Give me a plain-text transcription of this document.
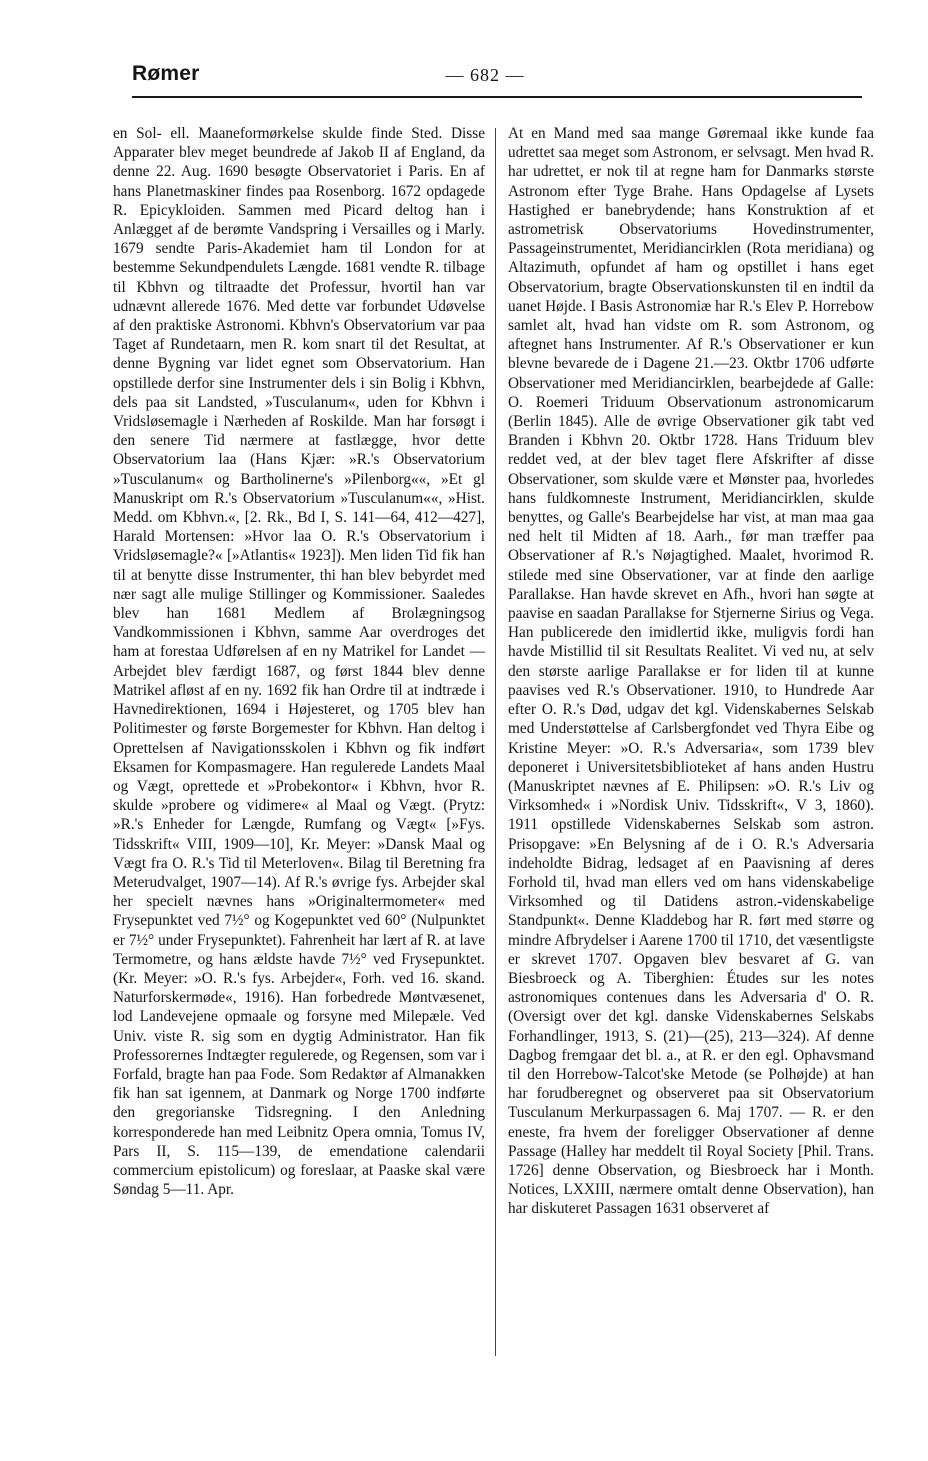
Rømer	— 682 —

en Sol- ell. Maaneformørkelse skulde finde Sted. Disse Apparater blev meget beundrede af Jakob II af England, da denne 22. Aug. 1690 besøgte Observatoriet i Paris. En af hans Planetmaskiner findes paa Rosenborg. 1672 opdagede R. Epicykloiden. Sammen med Picard deltog han i Anlægget af de berømte Vandspring i Versailles og i Marly. 1679 sendte Paris-Akademiet ham til London for at bestemme Sekundpendulets Længde. 1681 vendte R. tilbage til Kbhvn og tiltraadte det Professur, hvortil han var udnævnt allerede 1676. Med dette var forbundet Udøvelse af den praktiske Astronomi. Kbhvn's Observatorium var paa Taget af Rundetaarn, men R. kom snart til det Resultat, at denne Bygning var lidet egnet som Observatorium. Han opstillede derfor sine Instrumenter dels i sin Bolig i Kbhvn, dels paa sit Landsted, »Tusculanum«, uden for Kbhvn i Vridsløsemagle i Nærheden af Roskilde. Man har forsøgt i den senere Tid nærmere at fastlægge, hvor dette Observatorium laa (Hans Kjær: »R.'s Observatorium »Tusculanum« og Bartholinerne's »Pilenborg««, »Et gl Manuskript om R.'s Observatorium »Tusculanum««, »Hist. Medd. om Kbhvn.«, [2. Rk., Bd I, S. 141—64, 412—427], Harald Mortensen: »Hvor laa O. R.'s Observatorium i Vridsløsemagle?« [»Atlantis« 1923]). Men liden Tid fik han til at benytte disse Instrumenter, thi han blev bebyrdet med nær sagt alle mulige Stillinger og Kommissioner. Saaledes blev han 1681 Medlem af Brolægningsog Vandkommissionen i Kbhvn, samme Aar overdroges det ham at forestaa Udførelsen af en ny Matrikel for Landet — Arbejdet blev færdigt 1687, og først 1844 blev denne Matrikel afløst af en ny. 1692 fik han Ordre til at indtræde i Havnedirektionen, 1694 i Højesteret, og 1705 blev han Politimester og første Borgemester for Kbhvn. Han deltog i Oprettelsen af Navigationsskolen i Kbhvn og fik indført Eksamen for Kompasmagere. Han regulerede Landets Maal og Vægt, oprettede et »Probekontor« i Kbhvn, hvor R. skulde »probere og vidimere« al Maal og Vægt. (Prytz: »R.'s Enheder for Længde, Rumfang og Vægt« [»Fys. Tidsskrift« VIII, 1909—10], Kr. Meyer: »Dansk Maal og Vægt fra O. R.'s Tid til Meterloven«. Bilag til Beretning fra Meterudvalget, 1907—14). Af R.'s øvrige fys. Arbejder skal her specielt nævnes hans »Originaltermometer« med Frysepunktet ved 7½° og Kogepunktet ved 60° (Nulpunktet er 7½° under Frysepunktet). Fahrenheit har lært af R. at lave Termometre, og hans ældste havde 7½° ved Frysepunktet. (Kr. Meyer: »O. R.'s fys. Arbejder«, Forh. ved 16. skand. Naturforskermøde«, 1916). Han forbedrede Møntvæsenet, lod Landevejene opmaale og forsyne med Milepæle. Ved Univ. viste R. sig som en dygtig Administrator. Han fik Professorernes Indtægter regulerede, og Regensen, som var i Forfald, bragte han paa Fode. Som Redaktør af Almanakken fik han sat igennem, at Danmark og Norge 1700 indførte den gregorianske Tidsregning. I den Anledning korresponderede han med Leibnitz Opera omnia, Tomus IV, Pars II, S. 115—139, de emendatione calendarii commercium epistolicum) og foreslaar, at Paaske skal være Søndag 5—11. Apr.

At en Mand med saa mange Gøremaal ikke kunde faa udrettet saa meget som Astronom, er selvsagt. Men hvad R. har udrettet, er nok til at regne ham for Danmarks største Astronom efter Tyge Brahe. Hans Opdagelse af Lysets Hastighed er banebrydende; hans Konstruktion af et astrometrisk Observatoriums Hovedinstrumenter, Passageinstrumentet, Meridiancirklen (Rota meridiana) og Altazimuth, opfundet af ham og opstillet i hans eget Observatorium, bragte Observationskunsten til en indtil da uanet Højde. I Basis Astronomiæ har R.'s Elev P. Horrebow samlet alt, hvad han vidste om R. som Astronom, og aftegnet hans Instrumenter. Af R.'s Observationer er kun blevne bevarede de i Dagene 21.—23. Oktbr 1706 udførte Observationer med Meridiancirklen, bearbejdede af Galle: O. Roemeri Triduum Observationum astronomicarum (Berlin 1845). Alle de øvrige Observationer gik tabt ved Branden i Kbhvn 20. Oktbr 1728. Hans Triduum blev reddet ved, at der blev taget flere Afskrifter af disse Observationer, som skulde være et Mønster paa, hvorledes hans fuldkomneste Instrument, Meridiancirklen, skulde benyttes, og Galle's Bearbejdelse har vist, at man maa gaa ned helt til Midten af 18. Aarh., før man træffer paa Observationer af R.'s Nøjagtighed. Maalet, hvorimod R. stilede med sine Observationer, var at finde den aarlige Parallakse. Han havde skrevet en Afh., hvori han søgte at paavise en saadan Parallakse for Stjernerne Sirius og Vega. Han publicerede den imidlertid ikke, muligvis fordi han havde Mistillid til sit Resultats Realitet. Vi ved nu, at selv den største aarlige Parallakse er for liden til at kunne paavises ved R.'s Observationer. 1910, to Hundrede Aar efter O. R.'s Død, udgav det kgl. Videnskabernes Selskab med Understøttelse af Carlsbergfondet ved Thyra Eibe og Kristine Meyer: »O. R.'s Adversaria«, som 1739 blev deponeret i Universitetsbiblioteket af hans anden Hustru (Manuskriptet nævnes af E. Philipsen: »O. R.'s Liv og Virksomhed« i »Nordisk Univ. Tidsskrift«, V 3, 1860). 1911 opstillede Videnskabernes Selskab som astron. Prisopgave: »En Belysning af de i O. R.'s Adversaria indeholdte Bidrag, ledsaget af en Paavisning af deres Forhold til, hvad man ellers ved om hans videnskabelige Virksomhed og til Datidens astron.-videnskabelige Standpunkt«. Denne Kladdebog har R. ført med større og mindre Afbrydelser i Aarene 1700 til 1710, det væsentligste er skrevet 1707. Opgaven blev besvaret af G. van Biesbroeck og A. Tiberghien: Études sur les notes astronomiques contenues dans les Adversaria d' O. R. (Oversigt over det kgl. danske Videnskabernes Selskabs Forhandlinger, 1913, S. (21)—(25), 213—324). Af denne Dagbog fremgaar det bl. a., at R. er den egl. Ophavsmand til den Horrebow-Talcot'ske Metode (se Polhøjde) at han har forudberegnet og observeret paa sit Observatorium Tusculanum Merkurpassagen 6. Maj 1707. — R. er den eneste, fra hvem der foreligger Observationer af denne Passage (Halley har meddelt til Royal Society [Phil. Trans. 1726] denne Observation, og Biesbroeck har i Month. Notices, LXXIII, nærmere omtalt denne Observation), han har diskuteret Passagen 1631 observeret af
